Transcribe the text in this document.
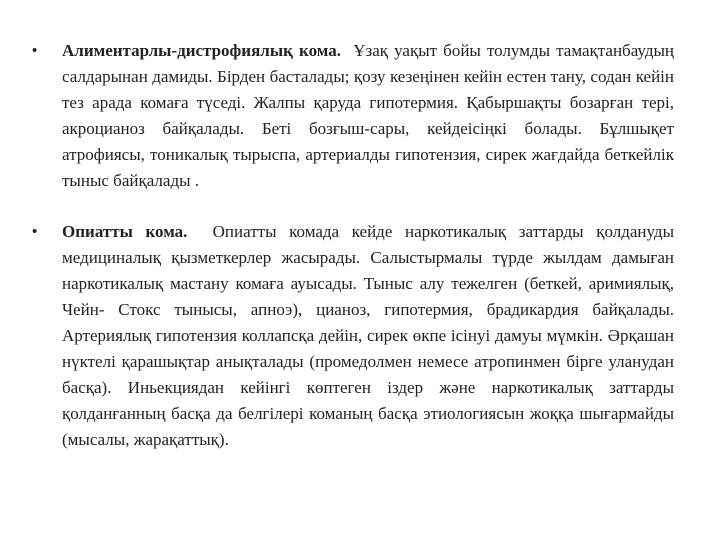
• Алиментарлы-дистрофиялық кома. Ұзақ уақыт бойы толумды тамақтанбаудың салдарынан дамиды. Бірден басталады; қозу кезеңінен кейін естен тану, содан кейін тез арада комаға түседі. Жалпы қаруда гипотермия. Қабыршақты бозарған тері, акроцианоз байқалады. Беті бозғыш-сары, кейдеісіңкі болады. Бұлшықет атрофиясы, тоникалық тырыспа, артериалды гипотензия, сирек жағдайда беткейлік тыныс байқалады .
• Опиатты кома. Опиатты комада кейде наркотикалық заттарды қолдануды медициналық қызметкерлер жасырады. Салыстырмалы түрде жылдам дамыған наркотикалық мастану комаға ауысады. Тыныс алу тежелген (беткей, аримиялық, Чейн- Стокс тынысы, апноэ), цианоз, гипотермия, брадикардия байқалады. Артериялық гипотензия коллапсқа дейін, сирек өкпе ісінуі дамуы мүмкін. Әрқашан нүктелі қарашықтар анықталады (промедолмен немесе атропинмен бірге уланудан басқа). Иньекциядан кейінгі көптеген іздер және наркотикалық заттарды қолданғанның басқа да белгілері команың басқа этиологиясын жоққа шығармайды (мысалы, жарақаттық).
